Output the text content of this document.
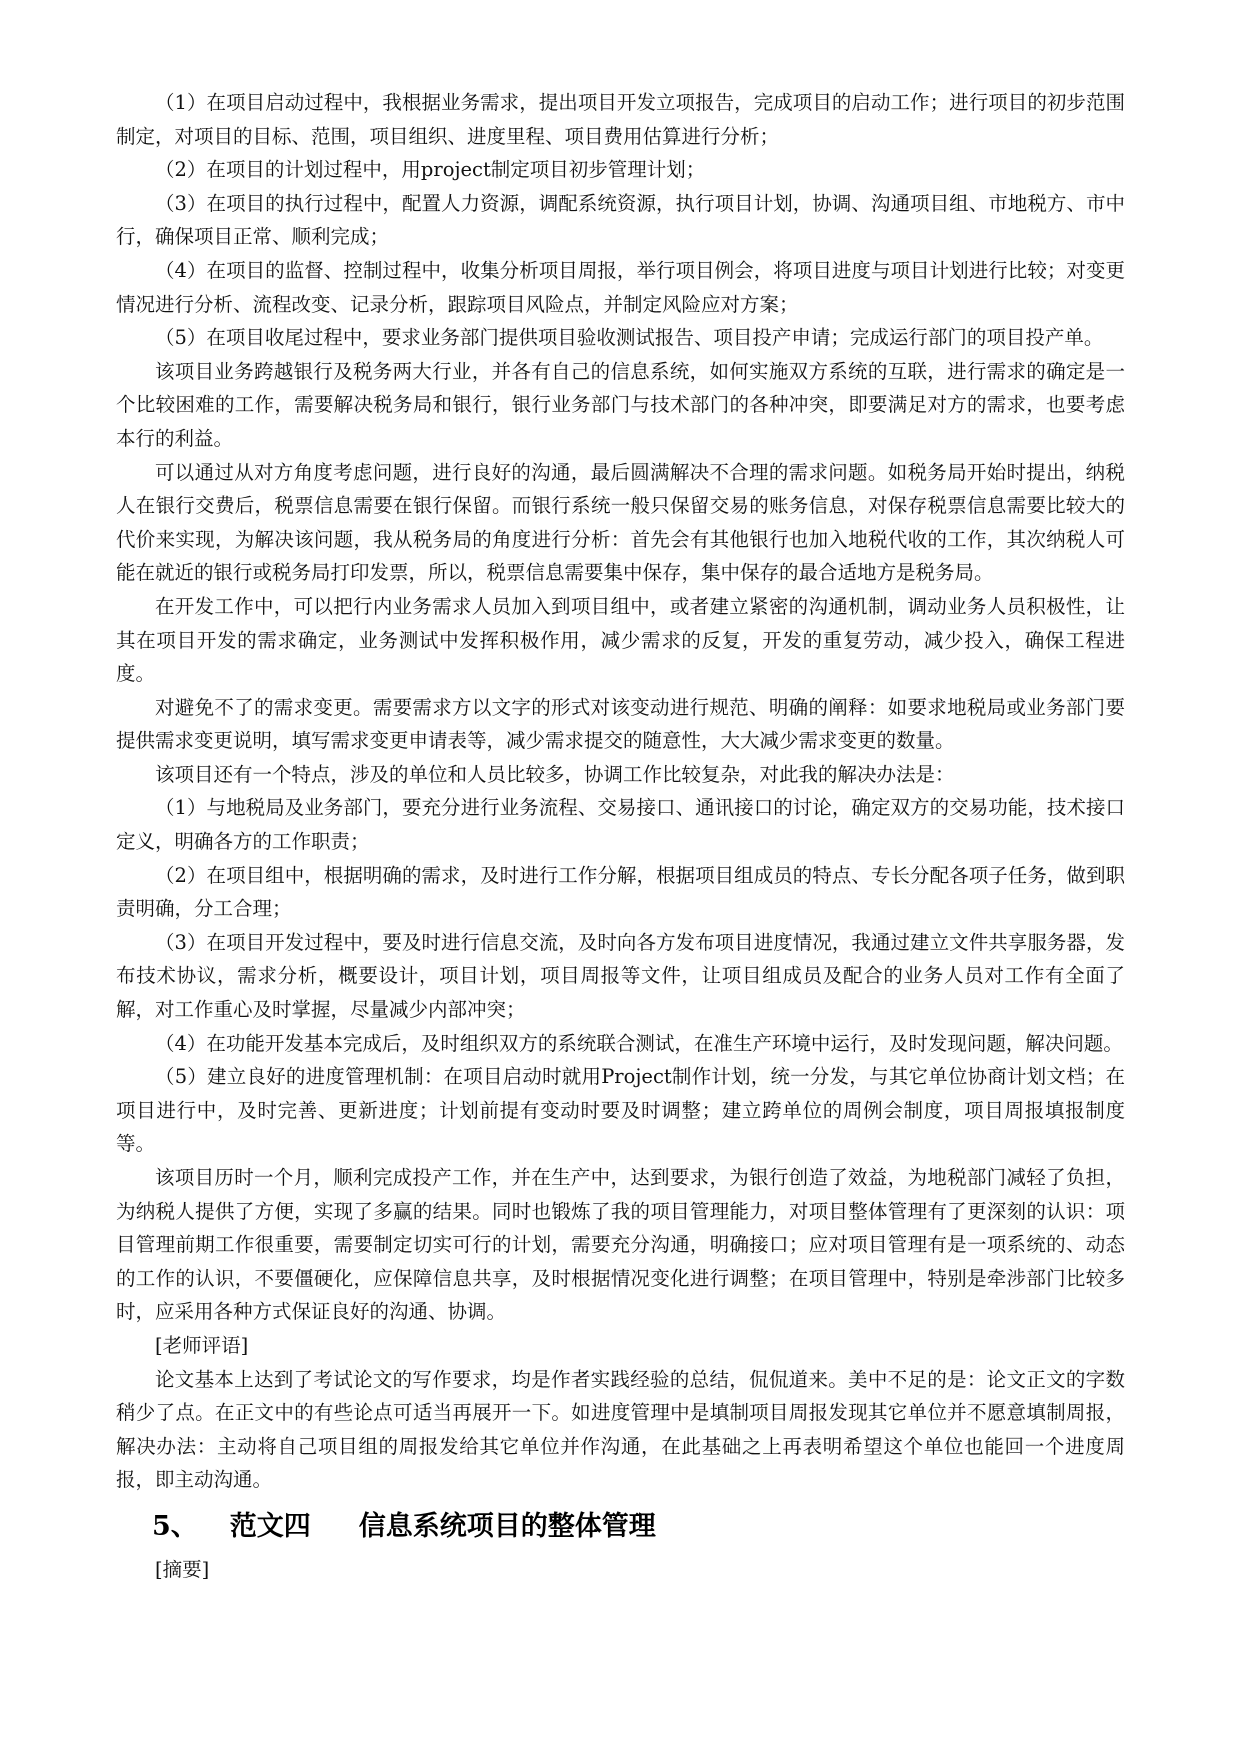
（1）在项目启动过程中，我根据业务需求，提出项目开发立项报告，完成项目的启动工作；进行项目的初步范围制定，对项目的目标、范围，项目组织、进度里程、项目费用估算进行分析；

（2）在项目的计划过程中，用project制定项目初步管理计划；

（3）在项目的执行过程中，配置人力资源，调配系统资源，执行项目计划，协调、沟通项目组、市地税方、市中行，确保项目正常、顺利完成；

（4）在项目的监督、控制过程中，收集分析项目周报，举行项目例会，将项目进度与项目计划进行比较；对变更情况进行分析、流程改变、记录分析，跟踪项目风险点，并制定风险应对方案；

（5）在项目收尾过程中，要求业务部门提供项目验收测试报告、项目投产申请；完成运行部门的项目投产单。

该项目业务跨越银行及税务两大行业，并各有自己的信息系统，如何实施双方系统的互联，进行需求的确定是一个比较困难的工作，需要解决税务局和银行，银行业务部门与技术部门的各种冲突，即要满足对方的需求，也要考虑本行的利益。

可以通过从对方角度考虑问题，进行良好的沟通，最后圆满解决不合理的需求问题。如税务局开始时提出，纳税人在银行交费后，税票信息需要在银行保留。而银行系统一般只保留交易的账务信息，对保存税票信息需要比较大的代价来实现，为解决该问题，我从税务局的角度进行分析：首先会有其他银行也加入地税代收的工作，其次纳税人可能在就近的银行或税务局打印发票，所以，税票信息需要集中保存，集中保存的最合适地方是税务局。

在开发工作中，可以把行内业务需求人员加入到项目组中，或者建立紧密的沟通机制，调动业务人员积极性，让其在项目开发的需求确定，业务测试中发挥积极作用，减少需求的反复，开发的重复劳动，减少投入，确保工程进度。

对避免不了的需求变更。需要需求方以文字的形式对该变动进行规范、明确的阐释：如要求地税局或业务部门要提供需求变更说明，填写需求变更申请表等，减少需求提交的随意性，大大减少需求变更的数量。

该项目还有一个特点，涉及的单位和人员比较多，协调工作比较复杂，对此我的解决办法是：

（1）与地税局及业务部门，要充分进行业务流程、交易接口、通讯接口的讨论，确定双方的交易功能，技术接口定义，明确各方的工作职责；

（2）在项目组中，根据明确的需求，及时进行工作分解，根据项目组成员的特点、专长分配各项子任务，做到职责明确，分工合理；

（3）在项目开发过程中，要及时进行信息交流，及时向各方发布项目进度情况，我通过建立文件共享服务器，发布技术协议，需求分析，概要设计，项目计划，项目周报等文件，让项目组成员及配合的业务人员对工作有全面了解，对工作重心及时掌握，尽量减少内部冲突；

（4）在功能开发基本完成后，及时组织双方的系统联合测试，在准生产环境中运行，及时发现问题，解决问题。

（5）建立良好的进度管理机制：在项目启动时就用Project制作计划，统一分发，与其它单位协商计划文档；在项目进行中，及时完善、更新进度；计划前提有变动时要及时调整；建立跨单位的周例会制度，项目周报填报制度等。

该项目历时一个月，顺利完成投产工作，并在生产中，达到要求，为银行创造了效益，为地税部门减轻了负担，为纳税人提供了方便，实现了多赢的结果。同时也锻炼了我的项目管理能力，对项目整体管理有了更深刻的认识：项目管理前期工作很重要，需要制定切实可行的计划，需要充分沟通，明确接口；应对项目管理有是一项系统的、动态的工作的认识，不要僵硬化，应保障信息共享，及时根据情况变化进行调整；在项目管理中，特别是牵涉部门比较多时，应采用各种方式保证良好的沟通、协调。

[老师评语]

论文基本上达到了考试论文的写作要求，均是作者实践经验的总结，侃侃道来。美中不足的是：论文正文的字数稍少了点。在正文中的有些论点可适当再展开一下。如进度管理中是填制项目周报发现其它单位并不愿意填制周报，解决办法：主动将自己项目组的周报发给其它单位并作沟通，在此基础之上再表明希望这个单位也能回一个进度周报，即主动沟通。

5、 范文四 信息系统项目的整体管理

[摘要]
